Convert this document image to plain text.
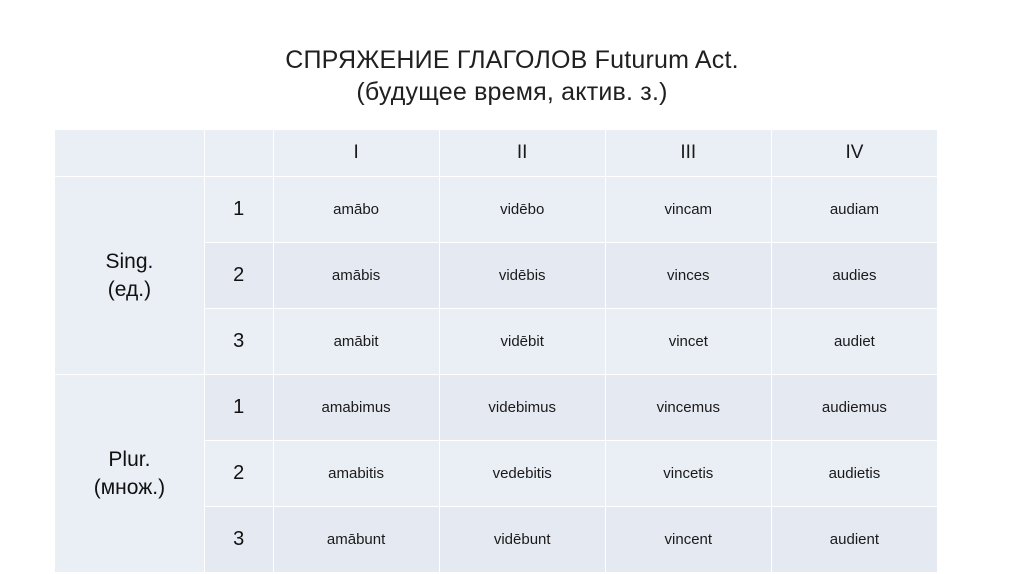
СПРЯЖЕНИЕ ГЛАГОЛОВ Futurum Act.
(будущее время, актив. з.)
		I	II	III	IV

Sing.
(ед.)	1	amābo	vidēbo	vincam	audiam
	2	amābis	vidēbis	vinces	audies
	3	amābit	vidēbit	vincet	audiet

Plur.
(множ.)	1	amabimus	videbimus	vincemus	audiemus
	2	amabitis	vedebitis	vincetis	audietis
	3	amābunt	vidēbunt	vincent	audient
